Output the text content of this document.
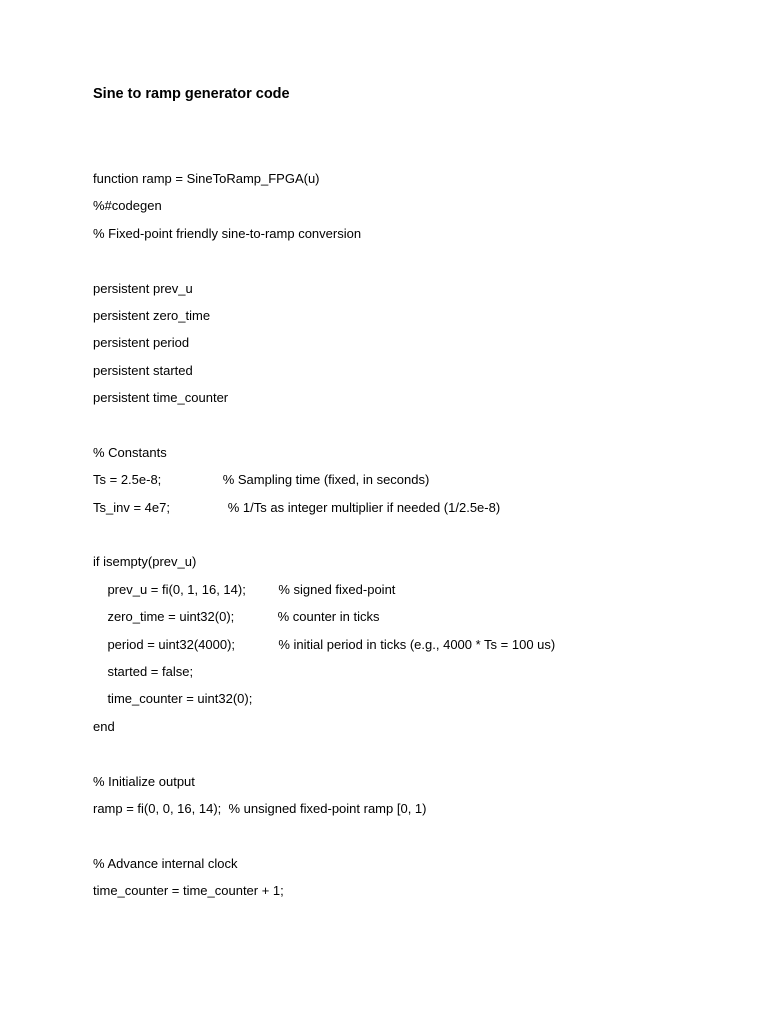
Sine to ramp generator code
function ramp = SineToRamp_FPGA(u)
%#codegen
% Fixed-point friendly sine-to-ramp conversion
persistent prev_u
persistent zero_time
persistent period
persistent started
persistent time_counter
% Constants
Ts = 2.5e-8;                 % Sampling time (fixed, in seconds)
Ts_inv = 4e7;                % 1/Ts as integer multiplier if needed (1/2.5e-8)
if isempty(prev_u)
prev_u = fi(0, 1, 16, 14);         % signed fixed-point
zero_time = uint32(0);            % counter in ticks
period = uint32(4000);            % initial period in ticks (e.g., 4000 * Ts = 100 us)
started = false;
time_counter = uint32(0);
end
% Initialize output
ramp = fi(0, 0, 16, 14);  % unsigned fixed-point ramp [0, 1)
% Advance internal clock
time_counter = time_counter + 1;
